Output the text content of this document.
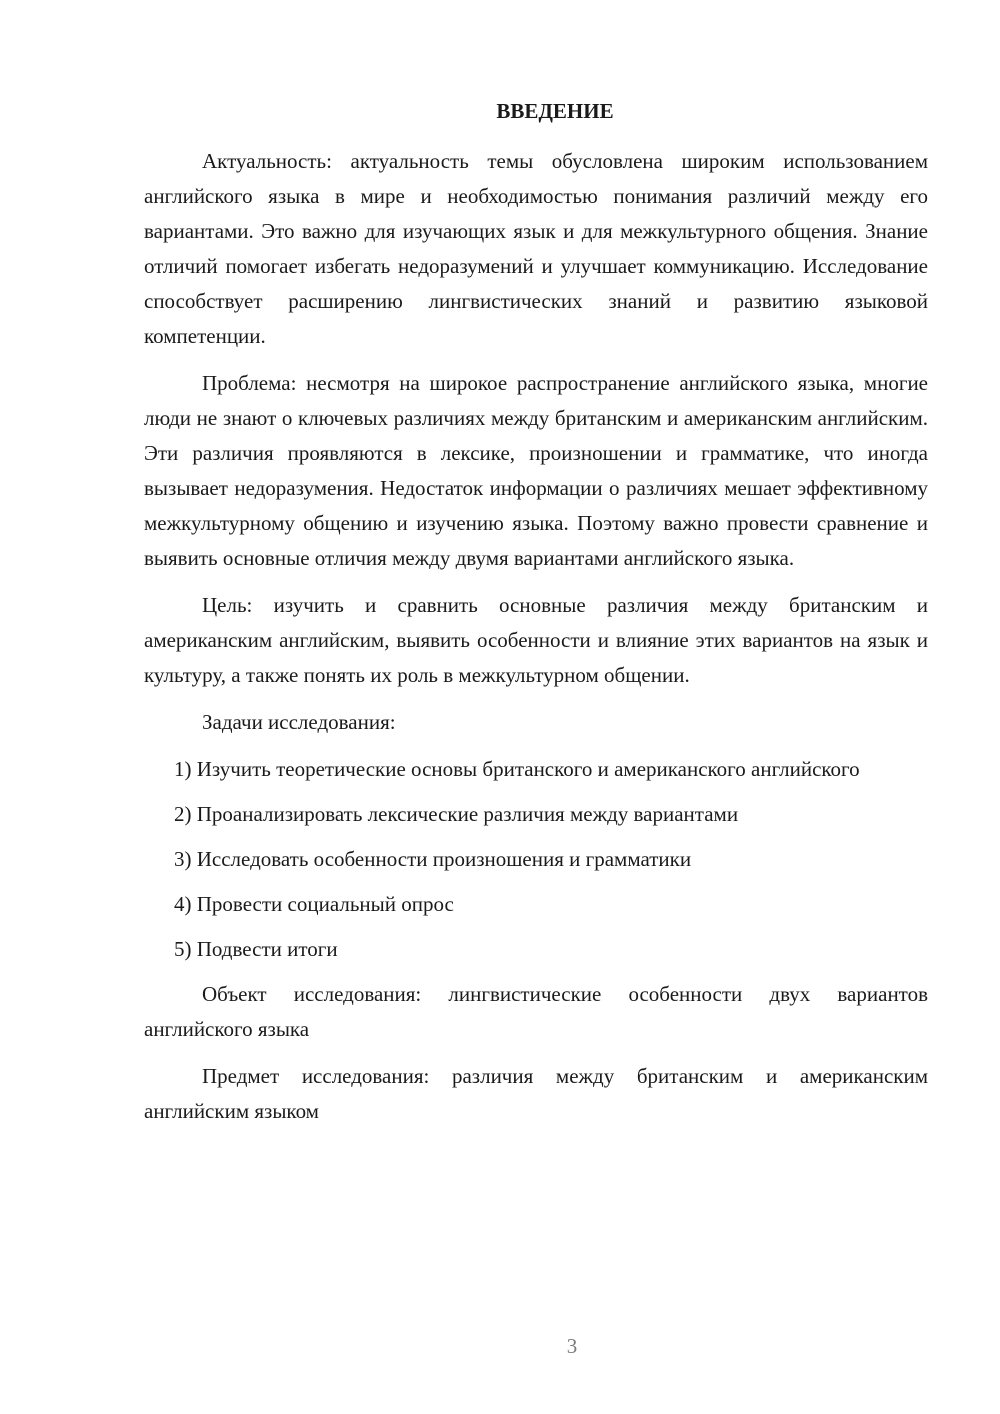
ВВЕДЕНИЕ

Актуальность: актуальность темы обусловлена широким использованием английского языка в мире и необходимостью понимания различий между его вариантами. Это важно для изучающих язык и для межкультурного общения. Знание отличий помогает избегать недоразумений и улучшает коммуникацию. Исследование способствует расширению лингвистических знаний и развитию языковой компетенции.

Проблема: несмотря на широкое распространение английского языка, многие люди не знают о ключевых различиях между британским и американским английским. Эти различия проявляются в лексике, произношении и грамматике, что иногда вызывает недоразумения. Недостаток информации о различиях мешает эффективному межкультурному общению и изучению языка. Поэтому важно провести сравнение и выявить основные отличия между двумя вариантами английского языка.

Цель: изучить и сравнить основные различия между британским и американским английским, выявить особенности и влияние этих вариантов на язык и культуру, а также понять их роль в межкультурном общении.

Задачи исследования:

1) Изучить теоретические основы британского и американского английского

2) Проанализировать лексические различия между вариантами

3) Исследовать особенности произношения и грамматики

4) Провести социальный опрос

5) Подвести итоги

Объект исследования: лингвистические особенности двух вариантов английского языка

Предмет исследования: различия между британским и американским английским языком

3
